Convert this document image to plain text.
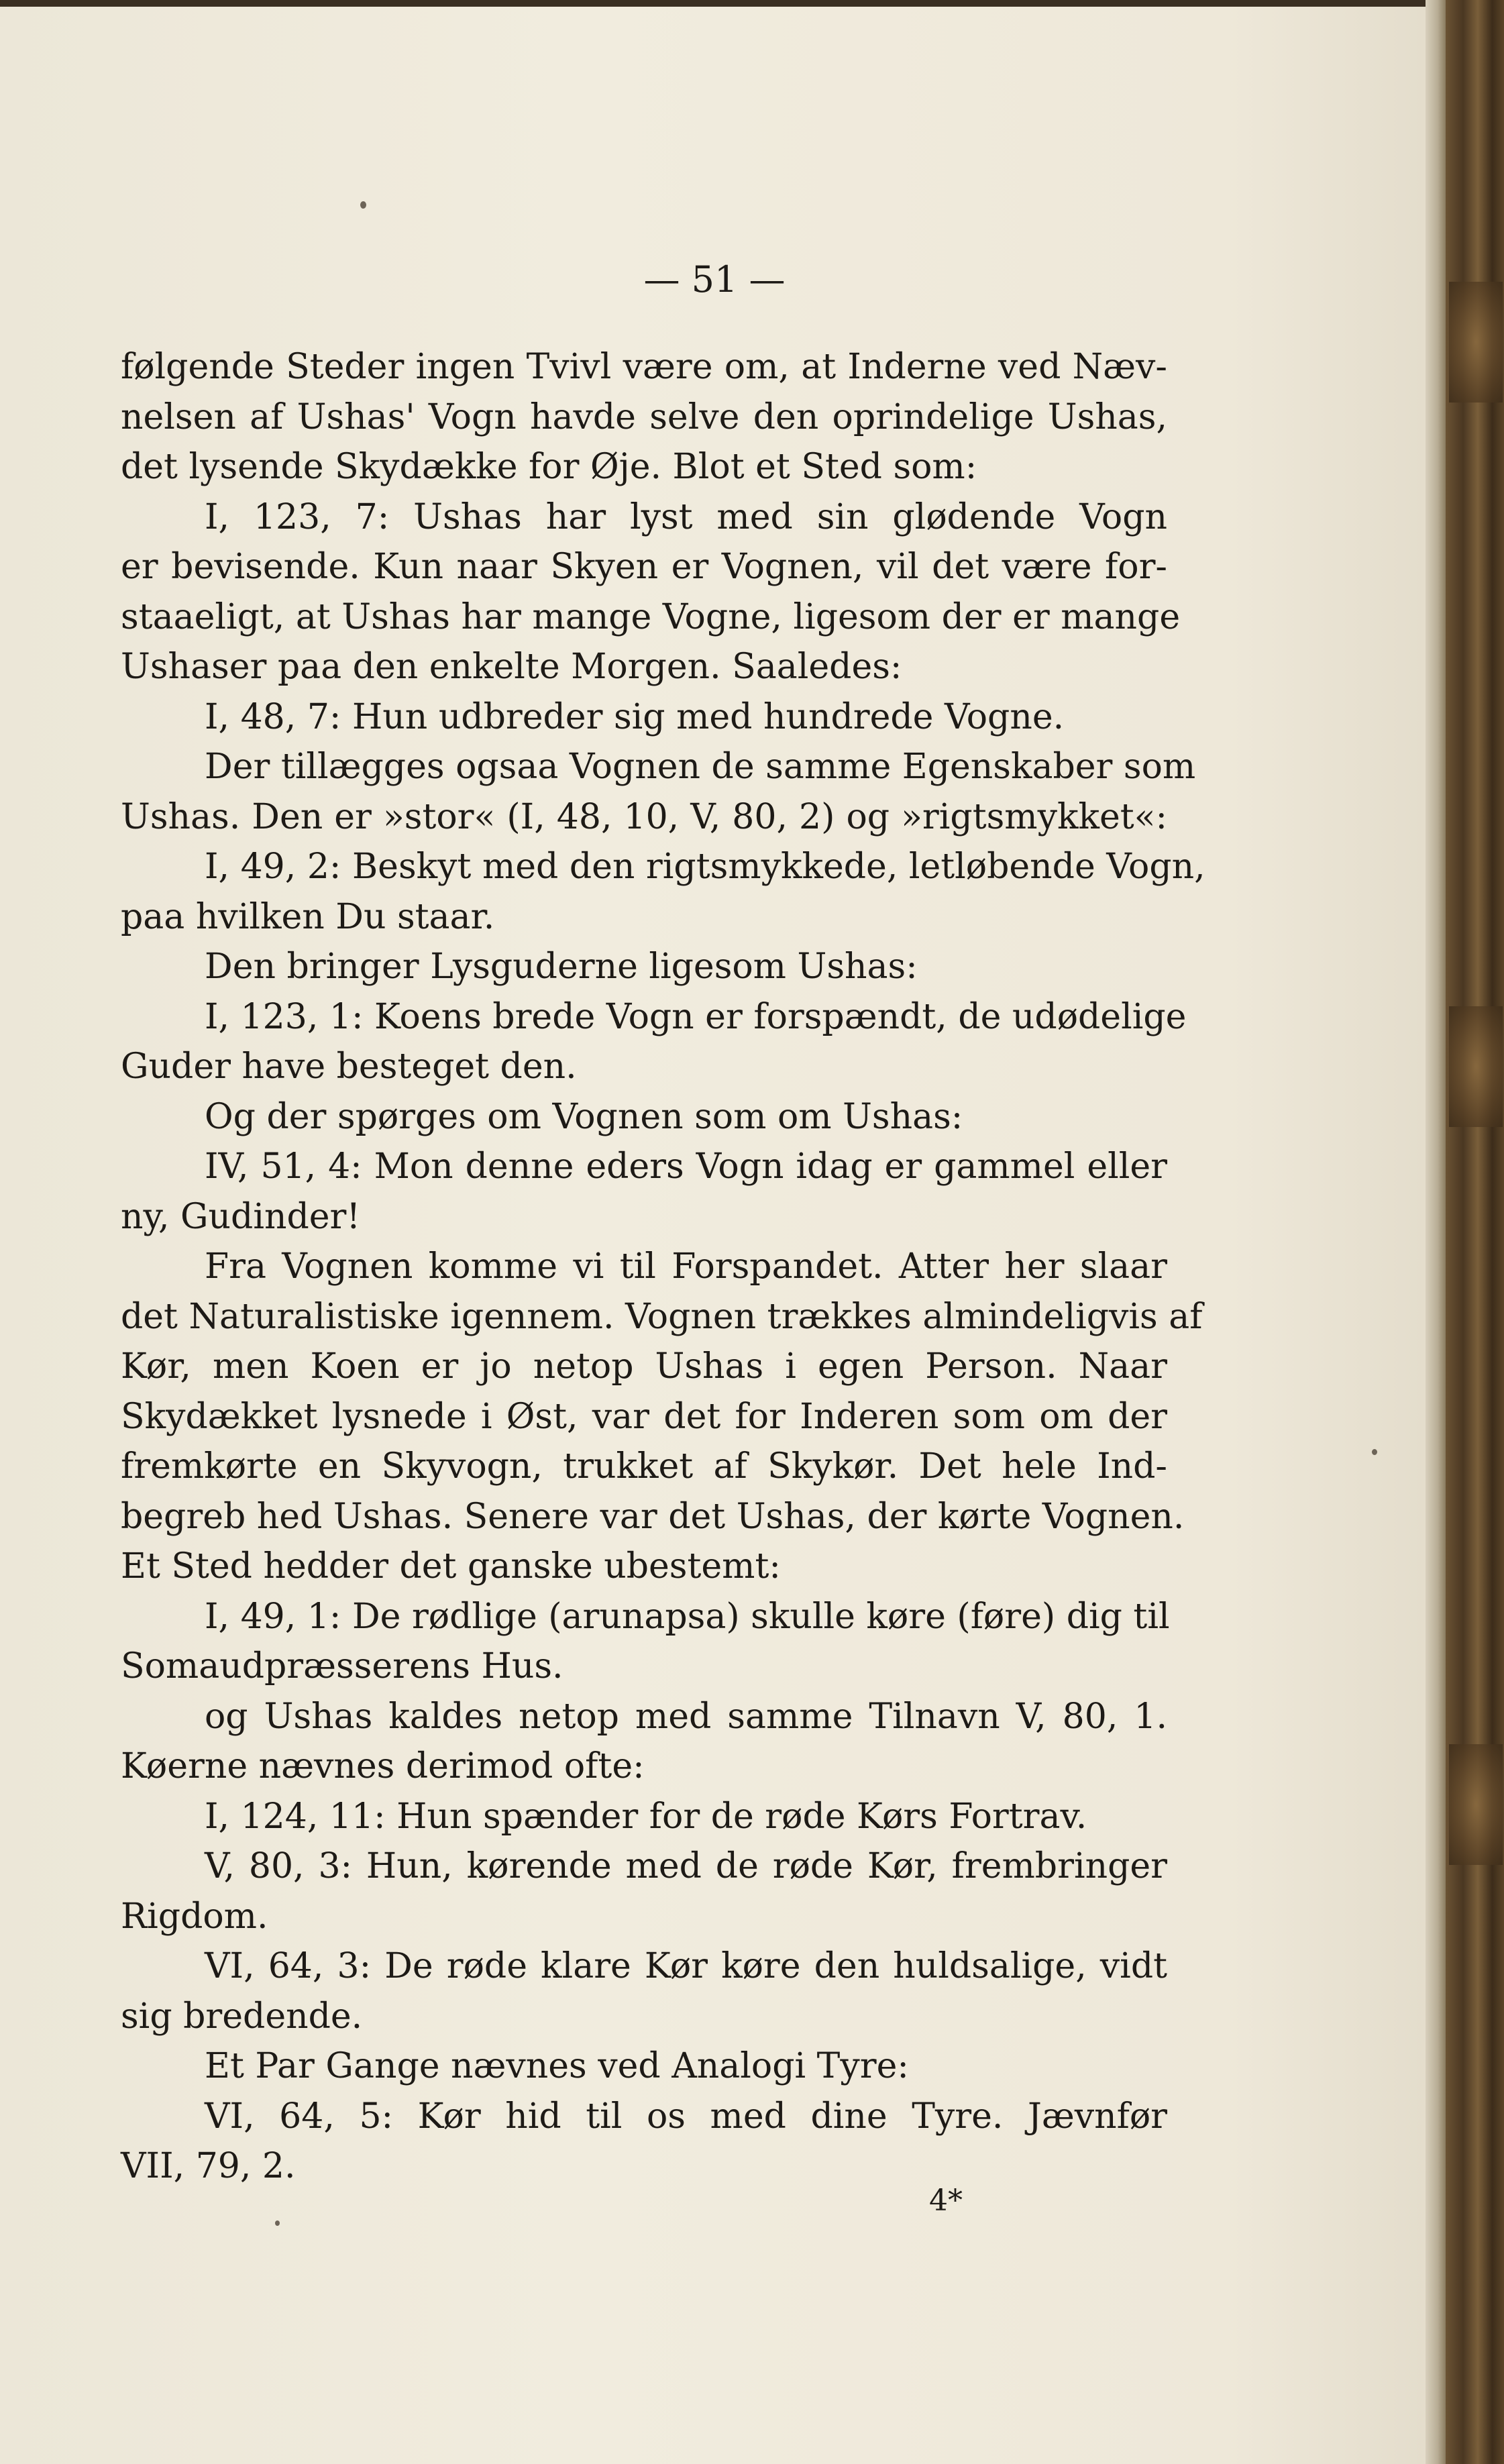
— 51 —
følgende Steder ingen Tvivl være om, at Inderne ved Næv-
nelsen af Ushas' Vogn havde selve den oprindelige Ushas,
det lysende Skydække for Øje. Blot et Sted som:
I, 123, 7: Ushas har lyst med sin glødende Vogn
er bevisende. Kun naar Skyen er Vognen, vil det være for-
staaeligt, at Ushas har mange Vogne, ligesom der er mange
Ushaser paa den enkelte Morgen. Saaledes:
I, 48, 7: Hun udbreder sig med hundrede Vogne.
Der tillægges ogsaa Vognen de samme Egenskaber som
Ushas. Den er »stor« (I, 48, 10, V, 80, 2) og »rigtsmykket«:
I, 49, 2: Beskyt med den rigtsmykkede, letløbende Vogn,
paa hvilken Du staar.
Den bringer Lysguderne ligesom Ushas:
I, 123, 1: Koens brede Vogn er forspændt, de udødelige
Guder have besteget den.
Og der spørges om Vognen som om Ushas:
IV, 51, 4: Mon denne eders Vogn idag er gammel eller
ny, Gudinder!
Fra Vognen komme vi til Forspandet. Atter her slaar
det Naturalistiske igennem. Vognen trækkes almindeligvis af
Kør, men Koen er jo netop Ushas i egen Person. Naar
Skydækket lysnede i Øst, var det for Inderen som om der
fremkørte en Skyvogn, trukket af Skykør. Det hele Ind-
begreb hed Ushas. Senere var det Ushas, der kørte Vognen.
Et Sted hedder det ganske ubestemt:
I, 49, 1: De rødlige (arunapsa) skulle køre (føre) dig til
Somaudpræsserens Hus.
og Ushas kaldes netop med samme Tilnavn V, 80, 1.
Køerne nævnes derimod ofte:
I, 124, 11: Hun spænder for de røde Kørs Fortrav.
V, 80, 3: Hun, kørende med de røde Kør, frembringer
Rigdom.
VI, 64, 3: De røde klare Kør køre den huldsalige, vidt
sig bredende.
Et Par Gange nævnes ved Analogi Tyre:
VI, 64, 5: Kør hid til os med dine Tyre. Jævnfør
VII, 79, 2.
4*
